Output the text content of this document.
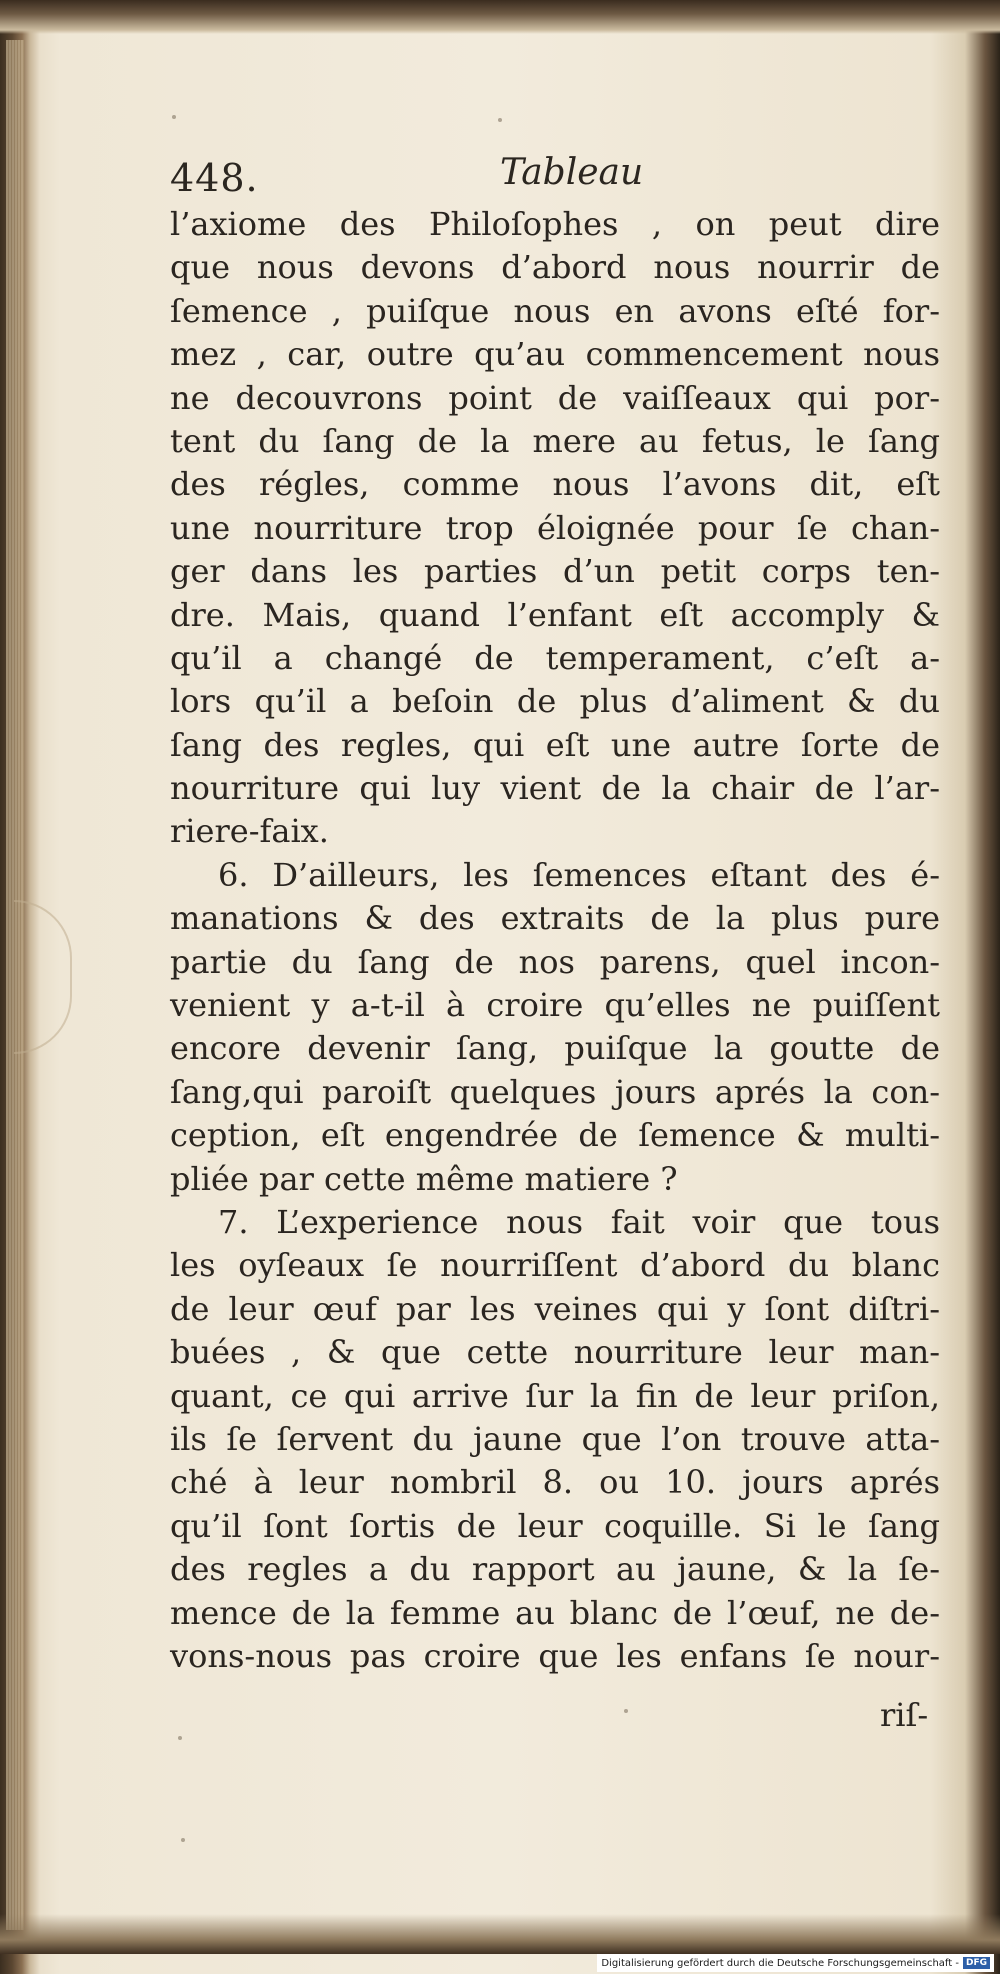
448.	Tableau
l’axiome des Philoſophes , on peut dire
que nous devons d’abord nous nourrir de
ſemence , puiſque nous en avons eſté for-
mez , car, outre qu’au commencement nous
ne decouvrons point de vaiſſeaux qui por-
tent du ſang de la mere au fetus, le ſang
des régles, comme nous l’avons dit, eſt
une nourriture trop éloignée pour ſe chan-
ger dans les parties d’un petit corps ten-
dre. Mais, quand l’enfant eſt accomply &
qu’il a changé de temperament, c’eſt a-
lors qu’il a beſoin de plus d’aliment & du
ſang des regles, qui eſt une autre ſorte de
nourriture qui luy vient de la chair de l’ar-
riere-faix.
6. D’ailleurs, les ſemences eſtant des é-
manations & des extraits de la plus pure
partie du ſang de nos parens, quel incon-
venient y a-t-il à croire qu’elles ne puiſſent
encore devenir ſang, puiſque la goutte de
ſang,qui paroiſt quelques jours aprés la con-
ception, eſt engendrée de ſemence & multi-
pliée par cette même matiere ?
7. L’experience nous fait voir que tous
les oyſeaux ſe nourriſſent d’abord du blanc
de leur œuf par les veines qui y ſont diſtri-
buées , & que cette nourriture leur man-
quant, ce qui arrive ſur la fin de leur priſon,
ils ſe ſervent du jaune que l’on trouve atta-
ché à leur nombril 8. ou 10. jours aprés
qu’il ſont ſortis de leur coquille. Si le ſang
des regles a du rapport au jaune, & la ſe-
mence de la femme au blanc de l’œuf, ne de-
vons-nous pas croire que les enfans ſe nour-
riſ-
Digitalisierung gefördert durch die Deutsche Forschungsgemeinschaft - DFG
